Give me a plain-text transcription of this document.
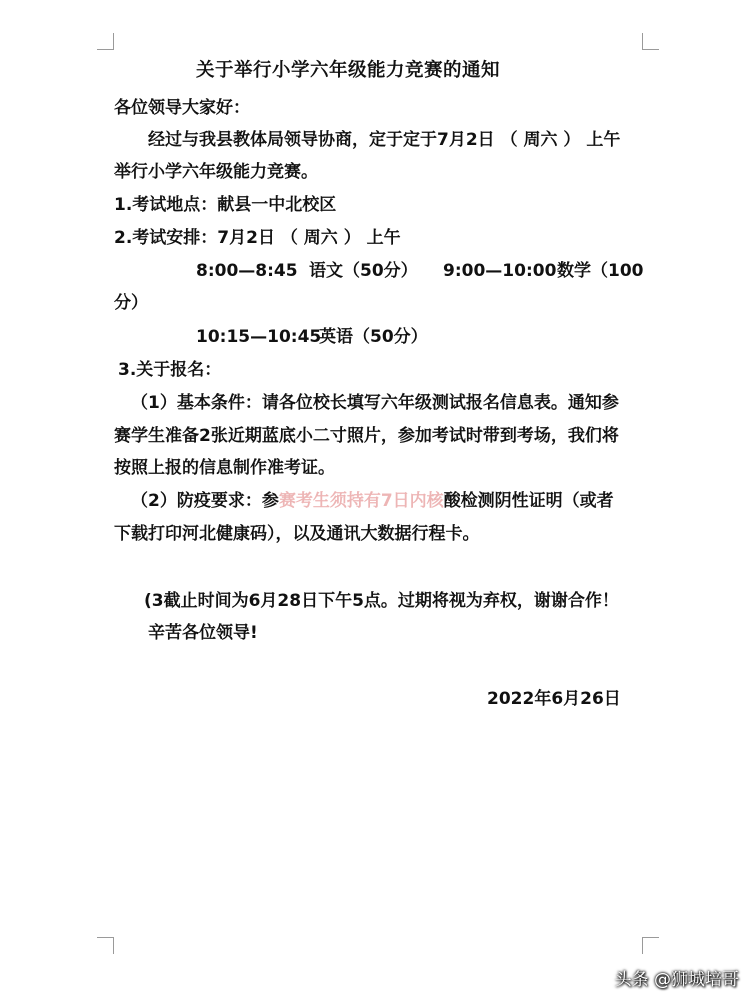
关于举行小学六年级能力竞赛的通知

各位领导大家好：

经过与我县教体局领导协商，定于定于7月2日 （ 周六 ） 上午

举行小学六年级能力竞赛。

1.考试地点：献县一中北校区

2.考试安排：7月2日 （ 周六 ） 上午

8:00—8:45 语文（50分） 9:00—10:00 数学（100

分）

10:15—10:45

英语（50分）

3.关于报名：

（1）基本条件：请各位校长填写六年级测试报名信息表。通知参

赛学生准备2张近期蓝底小二寸照片，参加考试时带到考场，我们将

按照上报的信息制作准考证。

（2）防疫要求：参赛考生须持有7日内核酸检测阴性证明（或者

下载打印河北健康码），以及通讯大数据行程卡。

(3截止时间为6月28日下午5点。过期将视为弃权，谢谢合作！

辛苦各位领导!

2022年6月26日

头条 @狮城培哥
